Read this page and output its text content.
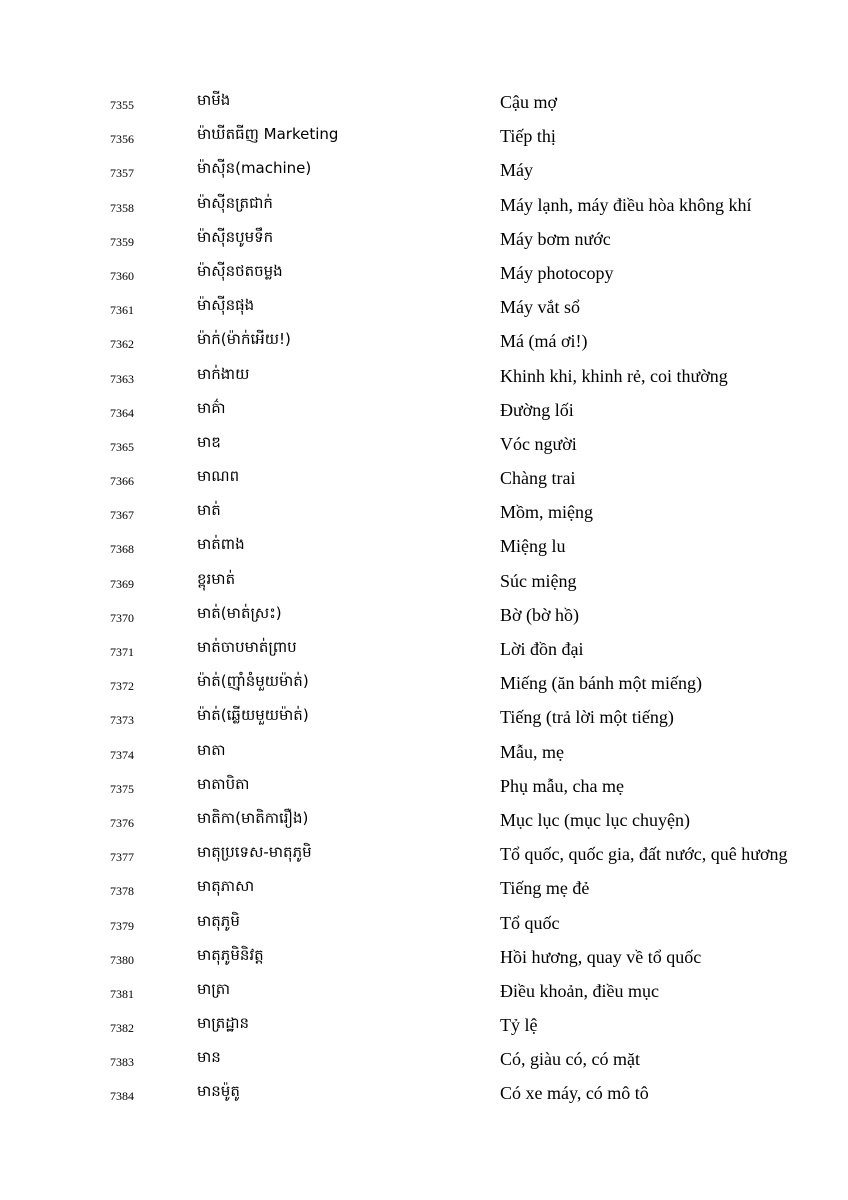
7355	មាមីង	Cậu mợ
7356	ម៉ាឃីតធីញ Marketing	Tiếp thị
7357	ម៉ាស៊ីន(machine)	Máy
7358	ម៉ាស៊ីនត្រជាក់	Máy lạnh, máy điều hòa không khí
7359	ម៉ាស៊ីនបូមទឹក	Máy bơm nước
7360	ម៉ាស៊ីនថតចម្លង	Máy photocopy
7361	ម៉ាស៊ីនផុង	Máy vắt sổ
7362	ម៉ាក់(ម៉ាក់អើយ!)	Má (má ơi!)
7363	មាក់ងាយ	Khinh khi, khinh rẻ, coi thường
7364	មាគ៌ា	Đường lối
7365	មាឌ	Vóc người
7366	មាណព	Chàng trai
7367	មាត់	Mồm, miệng
7368	មាត់ពាង	Miệng lu
7369	ខ្ពុរមាត់	Súc miệng
7370	មាត់(មាត់ស្រះ)	Bờ (bờ hồ)
7371	មាត់ចាបមាត់ព្រាប	Lời đồn đại
7372	ម៉ាត់(ញ៉ាំនំមួយម៉ាត់)	Miếng (ăn bánh một miếng)
7373	ម៉ាត់(ឆ្លើយមួយម៉ាត់)	Tiếng (trả lời một tiếng)
7374	មាតា	Mẫu, mẹ
7375	មាតាបិតា	Phụ mẫu, cha mẹ
7376	មាតិកា(មាតិការឿង)	Mục lục (mục lục chuyện)
7377	មាតុប្រទេស-មាតុភូមិ	Tổ quốc, quốc gia, đất nước, quê hương
7378	មាតុភាសា	Tiếng mẹ đẻ
7379	មាតុភូមិ	Tổ quốc
7380	មាតុភូមិនិវត្ត	Hồi hương, quay về tổ quốc
7381	មាត្រា	Điều khoản, điều mục
7382	មាត្រដ្ឋាន	Tỷ lệ
7383	មាន	Có, giàu có, có mặt
7384	មានម៉ូតូ	Có xe máy, có mô tô
